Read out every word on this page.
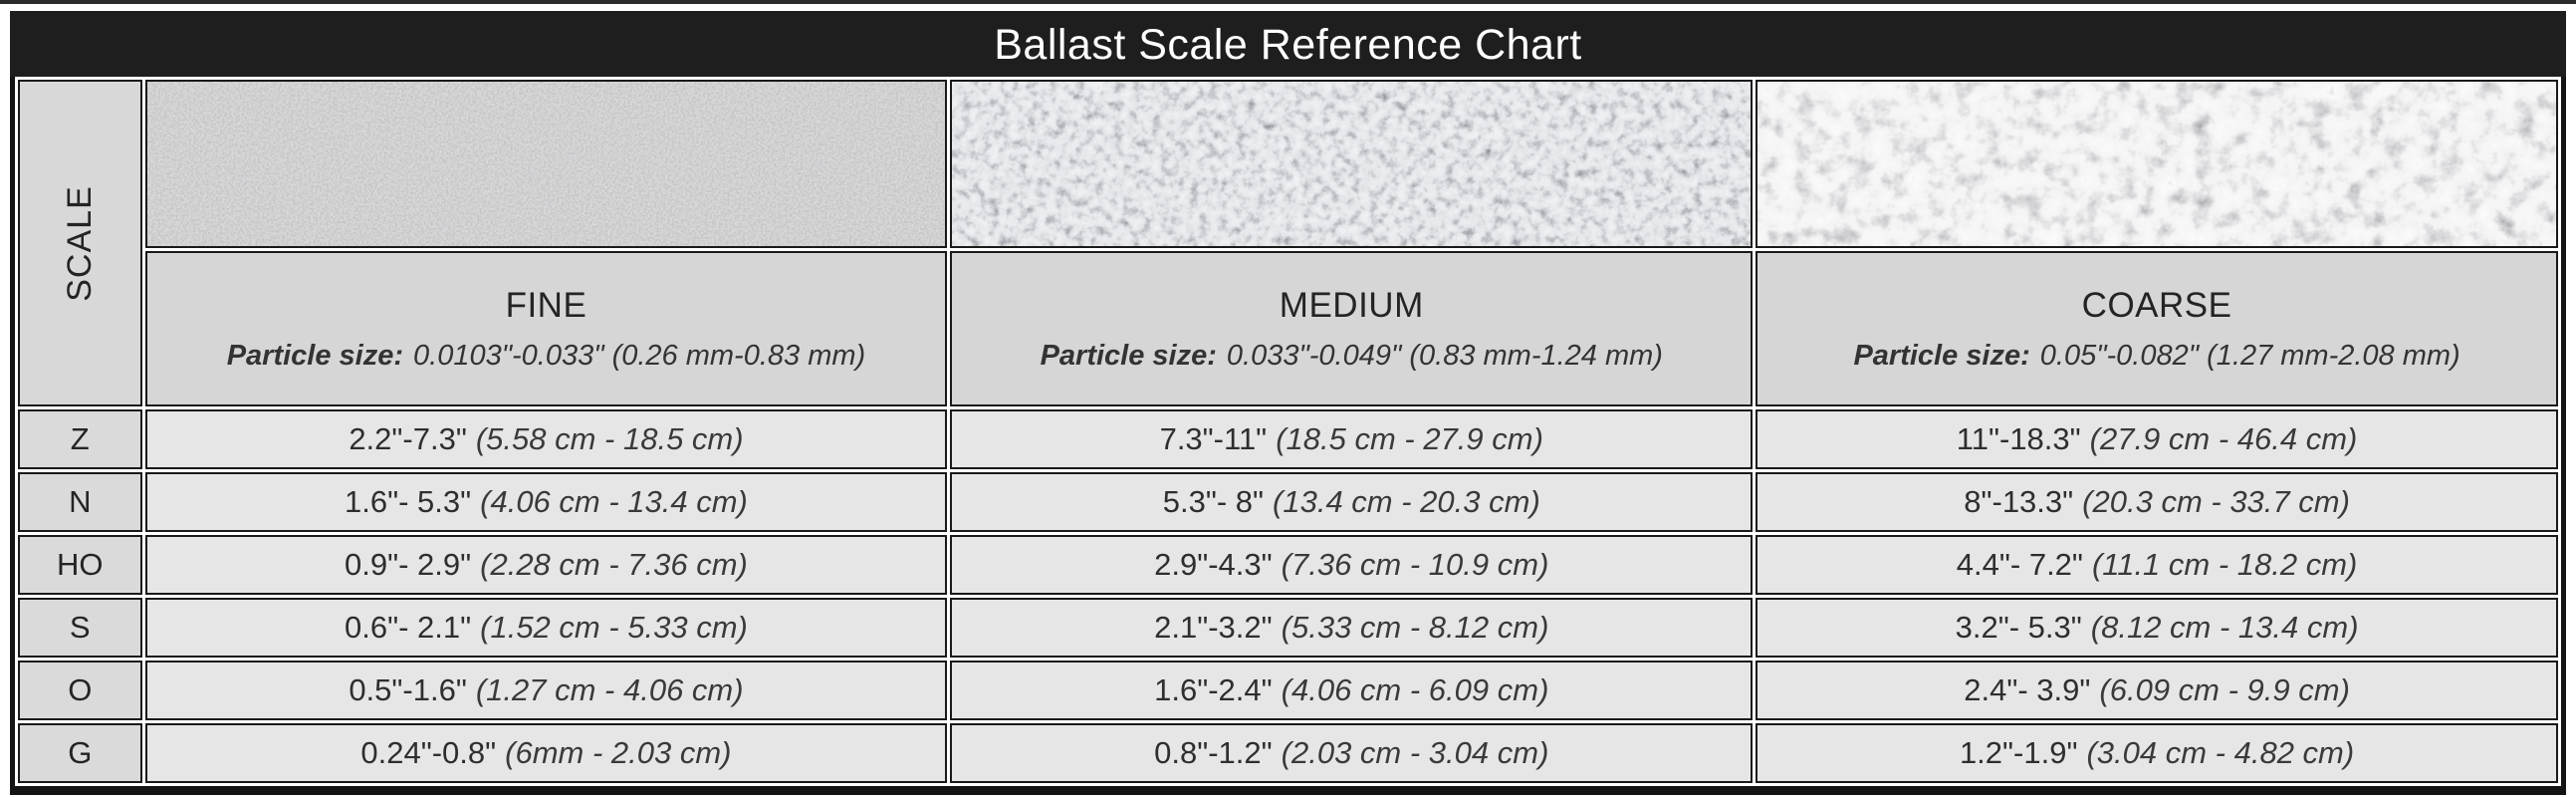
Ballast Scale Reference Chart
SCALE	

FINE
Particle size: 0.0103"-0.033" (0.26 mm-0.83 mm)

MEDIUM
Particle size: 0.033"-0.049" (0.83 mm-1.24 mm)

COARSE
Particle size: 0.05"-0.082" (1.27 mm-2.08 mm)

Z	2.2"-7.3" (5.58 cm - 18.5 cm)	7.3"-11" (18.5 cm - 27.9 cm)	11"-18.3" (27.9 cm - 46.4 cm)
N	1.6"- 5.3" (4.06 cm - 13.4 cm)	5.3"- 8" (13.4 cm - 20.3 cm)	8"-13.3" (20.3 cm - 33.7 cm)
HO	0.9"- 2.9" (2.28 cm - 7.36 cm)	2.9"-4.3" (7.36 cm - 10.9 cm)	4.4"- 7.2" (11.1 cm - 18.2 cm)
S	0.6"- 2.1" (1.52 cm - 5.33 cm)	2.1"-3.2" (5.33 cm - 8.12 cm)	3.2"- 5.3" (8.12 cm - 13.4 cm)
O	0.5"-1.6" (1.27 cm - 4.06 cm)	1.6"-2.4" (4.06 cm - 6.09 cm)	2.4"- 3.9" (6.09 cm - 9.9 cm)
G	0.24"-0.8" (6mm - 2.03 cm)	0.8"-1.2" (2.03 cm - 3.04 cm)	1.2"-1.9" (3.04 cm - 4.82 cm)
